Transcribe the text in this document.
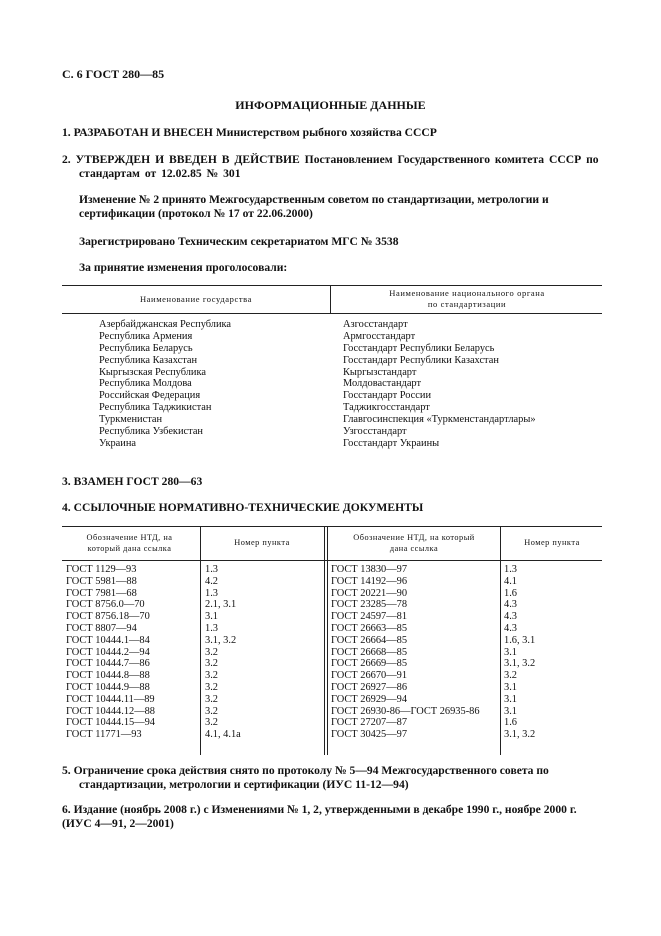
С. 6 ГОСТ 280—85
ИНФОРМАЦИОННЫЕ ДАННЫЕ
1. РАЗРАБОТАН И ВНЕСЕН Министерством рыбного хозяйства СССР
2. УТВЕРЖДЕН И ВВЕДЕН В ДЕЙСТВИЕ Постановлением Государственного комитета СССР по стандартам от 12.02.85 № 301
Изменение № 2 принято Межгосударственным советом по стандартизации, метрологии и сертификации (протокол № 17 от 22.06.2000)
Зарегистрировано Техническим секретариатом МГС № 3538
За принятие изменения проголосовали:
Наименование государства
Наименование национального органа
по стандартизации
Азербайджанская Республика	Азгосстандарт
Республика Армения	Армгосстандарт
Республика Беларусь	Госстандарт Республики Беларусь
Республика Казахстан	Госстандарт Республики Казахстан
Кыргызская Республика	Кыргызстандарт
Республика Молдова	Молдовастандарт
Российская Федерация	Госстандарт России
Республика Таджикистан	Таджикгосстандарт
Туркменистан	Главгосинспекция «Туркменстандартлары»
Республика Узбекистан	Узгосстандарт
Украина	Госстандарт Украины
3. ВЗАМЕН ГОСТ 280—63
4. ССЫЛОЧНЫЕ НОРМАТИВНО-ТЕХНИЧЕСКИЕ ДОКУМЕНТЫ
Обозначение НТД, на
который дана ссылка
Номер пункта
Обозначение НТД, на который
дана ссылка
Номер пункта
ГОСТ 1129—93	1.3	ГОСТ 13830—97	1.3
ГОСТ 5981—88	4.2	ГОСТ 14192—96	4.1
ГОСТ 7981—68	1.3	ГОСТ 20221—90	1.6
ГОСТ 8756.0—70	2.1, 3.1	ГОСТ 23285—78	4.3
ГОСТ 8756.18—70	3.1	ГОСТ 24597—81	4.3
ГОСТ 8807—94	1.3	ГОСТ 26663—85	4.3
ГОСТ 10444.1—84	3.1, 3.2	ГОСТ 26664—85	1.6, 3.1
ГОСТ 10444.2—94	3.2	ГОСТ 26668—85	3.1
ГОСТ 10444.7—86	3.2	ГОСТ 26669—85	3.1, 3.2
ГОСТ 10444.8—88	3.2	ГОСТ 26670—91	3.2
ГОСТ 10444.9—88	3.2	ГОСТ 26927—86	3.1
ГОСТ 10444.11—89	3.2	ГОСТ 26929—94	3.1
ГОСТ 10444.12—88	3.2	ГОСТ 26930-86—ГОСТ 26935-86 3.1
ГОСТ 10444.15—94	3.2	ГОСТ 27207—87	1.6
ГОСТ 11771—93	4.1, 4.1а	ГОСТ 30425—97	3.1, 3.2
5. Ограничение срока действия снято по протоколу № 5—94 Межгосударственного совета по стандартизации, метрологии и сертификации (ИУС 11-12—94)
6. Издание (ноябрь 2008 г.) с Изменениями № 1, 2, утвержденными в декабре 1990 г., ноябре 2000 г. (ИУС 4—91, 2—2001)
